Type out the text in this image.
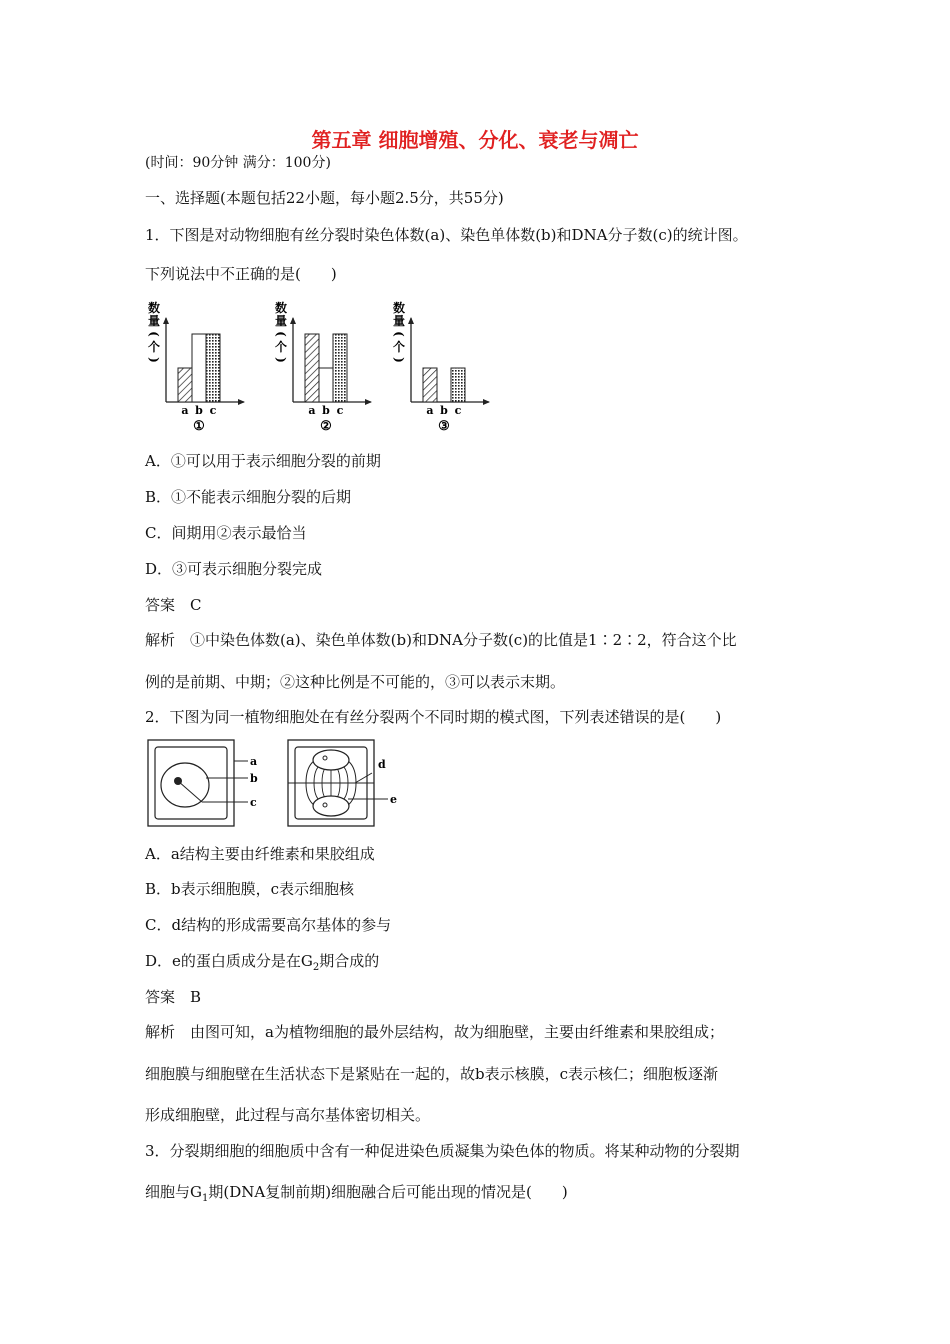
第五章 细胞增殖、分化、衰老与凋亡
(时间：90分钟 满分：100分)
一、选择题(本题包括22小题，每小题2.5分，共55分)
1．下图是对动物细胞有丝分裂时染色体数(a)、染色单体数(b)和DNA分子数(c)的统计图。
下列说法中不正确的是(　　)
数
量
(
个
)
a b c
①
数
量
(
个
)
a b c
②
数
量
(
个
)
a b c
③
A．①可以用于表示细胞分裂的前期
B．①不能表示细胞分裂的后期
C．间期用②表示最恰当
D．③可表示细胞分裂完成
答案　C
解析　①中染色体数(a)、染色单体数(b)和DNA分子数(c)的比值是1∶2∶2，符合这个比
例的是前期、中期；②这种比例是不可能的，③可以表示末期。
2．下图为同一植物细胞处在有丝分裂两个不同时期的模式图，下列表述错误的是(　　)
a
b
c
d
e
A．a结构主要由纤维素和果胶组成
B．b表示细胞膜，c表示细胞核
C．d结构的形成需要高尔基体的参与
D．e的蛋白质成分是在$G_2$期合成的
答案　B
解析　由图可知，a为植物细胞的最外层结构，故为细胞壁，主要由纤维素和果胶组成；
细胞膜与细胞壁在生活状态下是紧贴在一起的，故b表示核膜，c表示核仁；细胞板逐渐
形成细胞壁，此过程与高尔基体密切相关。
3．分裂期细胞的细胞质中含有一种促进染色质凝集为染色体的物质。将某种动物的分裂期
细胞与$G_1$期(DNA复制前期)细胞融合后可能出现的情况是(　　)
